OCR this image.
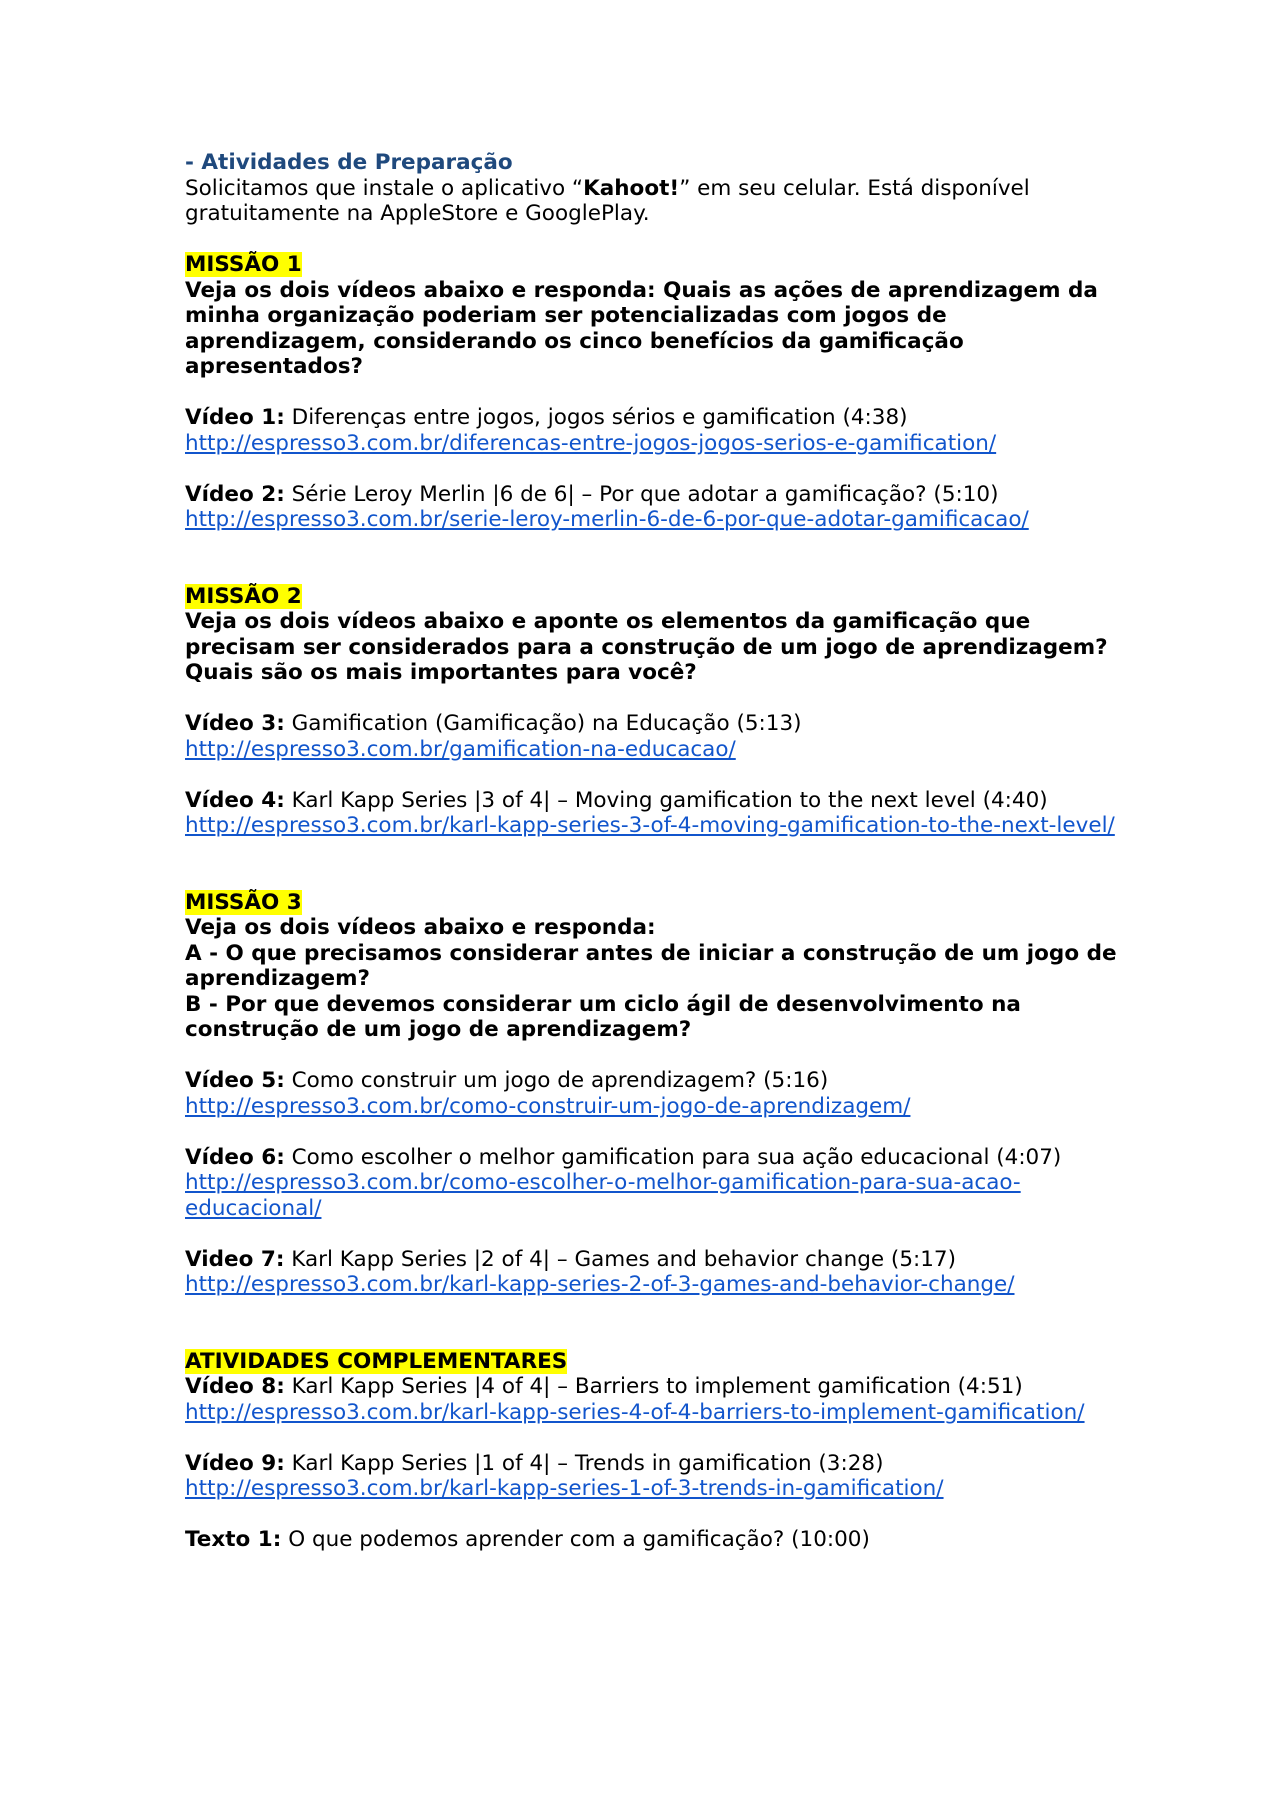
- Atividades de Preparação

Solicitamos que instale o aplicativo “Kahoot!” em seu celular. Está disponível gratuitamente na AppleStore e GooglePlay.

MISSÃO 1

Veja os dois vídeos abaixo e responda: Quais as ações de aprendizagem da minha organização poderiam ser potencializadas com jogos de aprendizagem, considerando os cinco benefícios da gamificação apresentados?

Vídeo 1: Diferenças entre jogos, jogos sérios e gamification (4:38)

http://espresso3.com.br/diferencas-entre-jogos-jogos-serios-e-gamification/

Vídeo 2: Série Leroy Merlin |6 de 6| – Por que adotar a gamificação? (5:10)

http://espresso3.com.br/serie-leroy-merlin-6-de-6-por-que-adotar-gamificacao/

MISSÃO 2

Veja os dois vídeos abaixo e aponte os elementos da gamificação que precisam ser considerados para a construção de um jogo de aprendizagem? Quais são os mais importantes para você?

Vídeo 3: Gamification (Gamificação) na Educação (5:13)

http://espresso3.com.br/gamification-na-educacao/

Vídeo 4: Karl Kapp Series |3 of 4| – Moving gamification to the next level (4:40)

http://espresso3.com.br/karl-kapp-series-3-of-4-moving-gamification-to-the-next-level/

MISSÃO 3

Veja os dois vídeos abaixo e responda:

A - O que precisamos considerar antes de iniciar a construção de um jogo de aprendizagem?

B - Por que devemos considerar um ciclo ágil de desenvolvimento na construção de um jogo de aprendizagem?

Vídeo 5: Como construir um jogo de aprendizagem? (5:16)

http://espresso3.com.br/como-construir-um-jogo-de-aprendizagem/

Vídeo 6: Como escolher o melhor gamification para sua ação educacional (4:07)

http://espresso3.com.br/como-escolher-o-melhor-gamification-para-sua-acao-educacional/

Video 7: Karl Kapp Series |2 of 4| – Games and behavior change (5:17)

http://espresso3.com.br/karl-kapp-series-2-of-3-games-and-behavior-change/

ATIVIDADES COMPLEMENTARES

Vídeo 8: Karl Kapp Series |4 of 4| – Barriers to implement gamification (4:51)

http://espresso3.com.br/karl-kapp-series-4-of-4-barriers-to-implement-gamification/

Vídeo 9: Karl Kapp Series |1 of 4| – Trends in gamification (3:28)

http://espresso3.com.br/karl-kapp-series-1-of-3-trends-in-gamification/

Texto 1: O que podemos aprender com a gamificação? (10:00)
